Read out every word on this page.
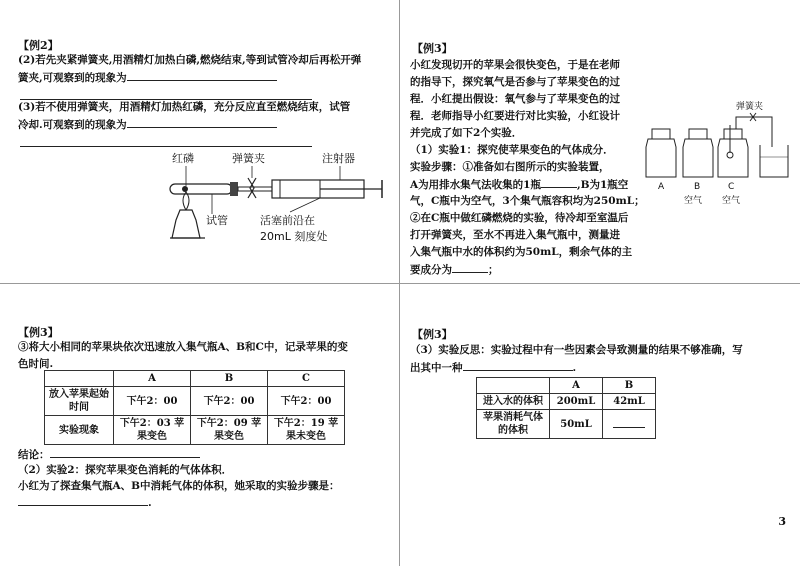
【例2】
(2)若先夹紧弹簧夹,用酒精灯加热白磷,燃烧结束,等到试管冷却后再松开弹
簧夹,可观察到的现象为
(3)若不使用弹簧夹，用酒精灯加热红磷，充分反应直至燃烧结束，试管
冷却.可观察到的现象为
红磷	弹簧夹	注射器
试管	活塞前沿在
20mL 刻度处
【例3】
小红发现切开的苹果会很快变色，于是在老师
的指导下，探究氧气是否参与了苹果变色的过
程．小红提出假设：氧气参与了苹果变色的过
程．老师指导小红要进行对比实验，小红设计
并完成了如下2个实验．
（1）实验1：探究使苹果变色的气体成分．
实验步骤：①准备如右图所示的实验装置，
A为用排水集气法收集的1瓶	,B为1瓶空
气，C瓶中为空气，3个集气瓶容积均为250mL；
②在C瓶中做红磷燃烧的实验，待冷却至室温后
打开弹簧夹，至水不再进入集气瓶中，测量进
入集气瓶中水的体积约为50mL，剩余气体的主
要成分为	；
弹簧夹
A	B	C
空气 空气
【例3】
③将大小相同的苹果块依次迅速放入集气瓶A、B和C中，记录苹果的变
色时间.
	A	B	C
放入苹果起始时间	下午2：00	下午2：00	下午2：00
实验现象	下午2：03 苹果变色	下午2：09 苹果变色	下午2：19 苹果未变色
结论：
（2）实验2：探究苹果变色消耗的气体体积．
小红为了探查集气瓶A、B中消耗气体的体积，她采取的实验步骤是：
.
【例3】
（3）实验反思：实验过程中有一些因素会导致测量的结果不够准确，写
出其中一种	.
	A	B
进入水的体积	200mL	42mL
苹果消耗气体的体积	50mL	
3
